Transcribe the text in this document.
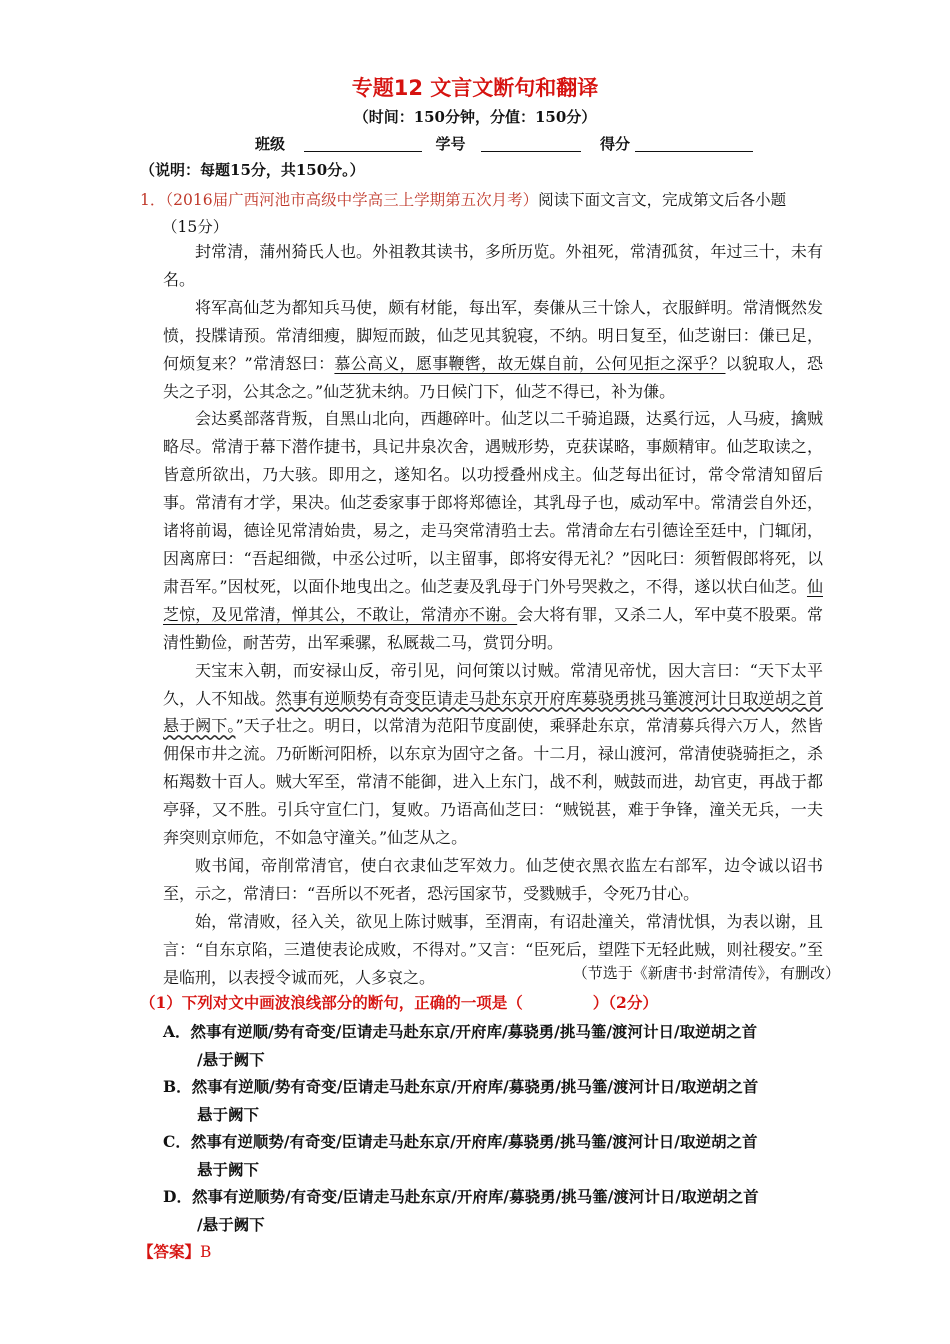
专题12 文言文断句和翻译
（时间：150分钟，分值：150分）
班级	学号	得分
（说明：每题15分，共150分。）
1．（2016届广西河池市高级中学高三上学期第五次月考）阅读下面文言文，完成第文后各小题
（15分）

封常清，蒲州猗氏人也。外祖教其读书，多所历览。外祖死，常清孤贫，年过三十，未有名。

将军高仙芝为都知兵马使，颇有材能，每出军，奏傔从三十馀人，衣服鲜明。常清慨然发愤，投牒请预。常清细瘦，脚短而跛，仙芝见其貌寝，不纳。明日复至，仙芝谢曰：傔已足，何烦复来？”常清怒曰：慕公高义，愿事鞭辔，故无媒自前，公何见拒之深乎？以貌取人，恐失之子羽，公其念之。”仙芝犹未纳。乃日候门下，仙芝不得已，补为傔。

会达奚部落背叛，自黑山北向，西趣碎叶。仙芝以二千骑追蹑，达奚行远，人马疲，擒贼略尽。常清于幕下潜作捷书，具记井泉次舍，遇贼形势，克获谋略，事颇精审。仙芝取读之，皆意所欲出，乃大骇。即用之，遂知名。以功授叠州戍主。仙芝每出征讨，常令常清知留后事。常清有才学，果决。仙芝委家事于郎将郑德诠，其乳母子也，威动军中。常清尝自外还，诸将前谒，德诠见常清始贵，易之，走马突常清驺士去。常清命左右引德诠至廷中，门辄闭，因离席曰：“吾起细微，中丞公过听，以主留事，郎将安得无礼？”因叱曰：须暂假郎将死，以肃吾军。”因杖死，以面仆地曳出之。仙芝妻及乳母于门外号哭救之，不得，遂以状白仙芝。仙芝惊，及见常清，惮其公，不敢让，常清亦不谢。会大将有罪，又杀二人，军中莫不股栗。常清性勤俭，耐苦劳，出军乘骡，私厩裁二马，赏罚分明。

天宝末入朝，而安禄山反，帝引见，问何策以讨贼。常清见帝忧，因大言曰：“天下太平久，人不知战。然事有逆顺势有奇变臣请走马赴东京开府库募骁勇挑马箠渡河计日取逆胡之首悬于阙下。”天子壮之。明日，以常清为范阳节度副使，乘驿赴东京，常清募兵得六万人，然皆佣保市井之流。乃斫断河阳桥，以东京为固守之备。十二月，禄山渡河，常清使骁骑拒之，杀柘羯数十百人。贼大军至，常清不能御，进入上东门，战不利，贼鼓而进，劫官吏，再战于都亭驿，又不胜。引兵守宣仁门，复败。乃语高仙芝曰：“贼锐甚，难于争锋，潼关无兵，一夫奔突则京师危，不如急守潼关。”仙芝从之。

败书闻，帝削常清官，使白衣隶仙芝军效力。仙芝使衣黑衣监左右部军，边令诚以诏书至，示之，常清曰：“吾所以不死者，恐污国家节，受戮贼手，令死乃甘心。

始，常清败，径入关，欲见上陈讨贼事，至渭南，有诏赴潼关，常清忧惧，为表以谢，且言：“自东京陷，三遣使表论成败，不得对。”又言：“臣死后，望陛下无轻此贼，则社稷安。”至是临刑，以表授令诚而死，人多哀之。	（节选于《新唐书·封常清传》，有删改）
（1）下列对文中画波浪线部分的断句，正确的一项是（	）（2分）
A．然事有逆顺/势有奇变/臣请走马赴东京/开府库/募骁勇/挑马箠/渡河计日/取逆胡之首
/悬于阙下
B．然事有逆顺/势有奇变/臣请走马赴东京/开府库/募骁勇/挑马箠/渡河计日/取逆胡之首
悬于阙下
C．然事有逆顺势/有奇变/臣请走马赴东京/开府库/募骁勇/挑马箠/渡河计日/取逆胡之首
悬于阙下
D．然事有逆顺势/有奇变/臣请走马赴东京/开府库/募骁勇/挑马箠/渡河计日/取逆胡之首
/悬于阙下
【答案】B
